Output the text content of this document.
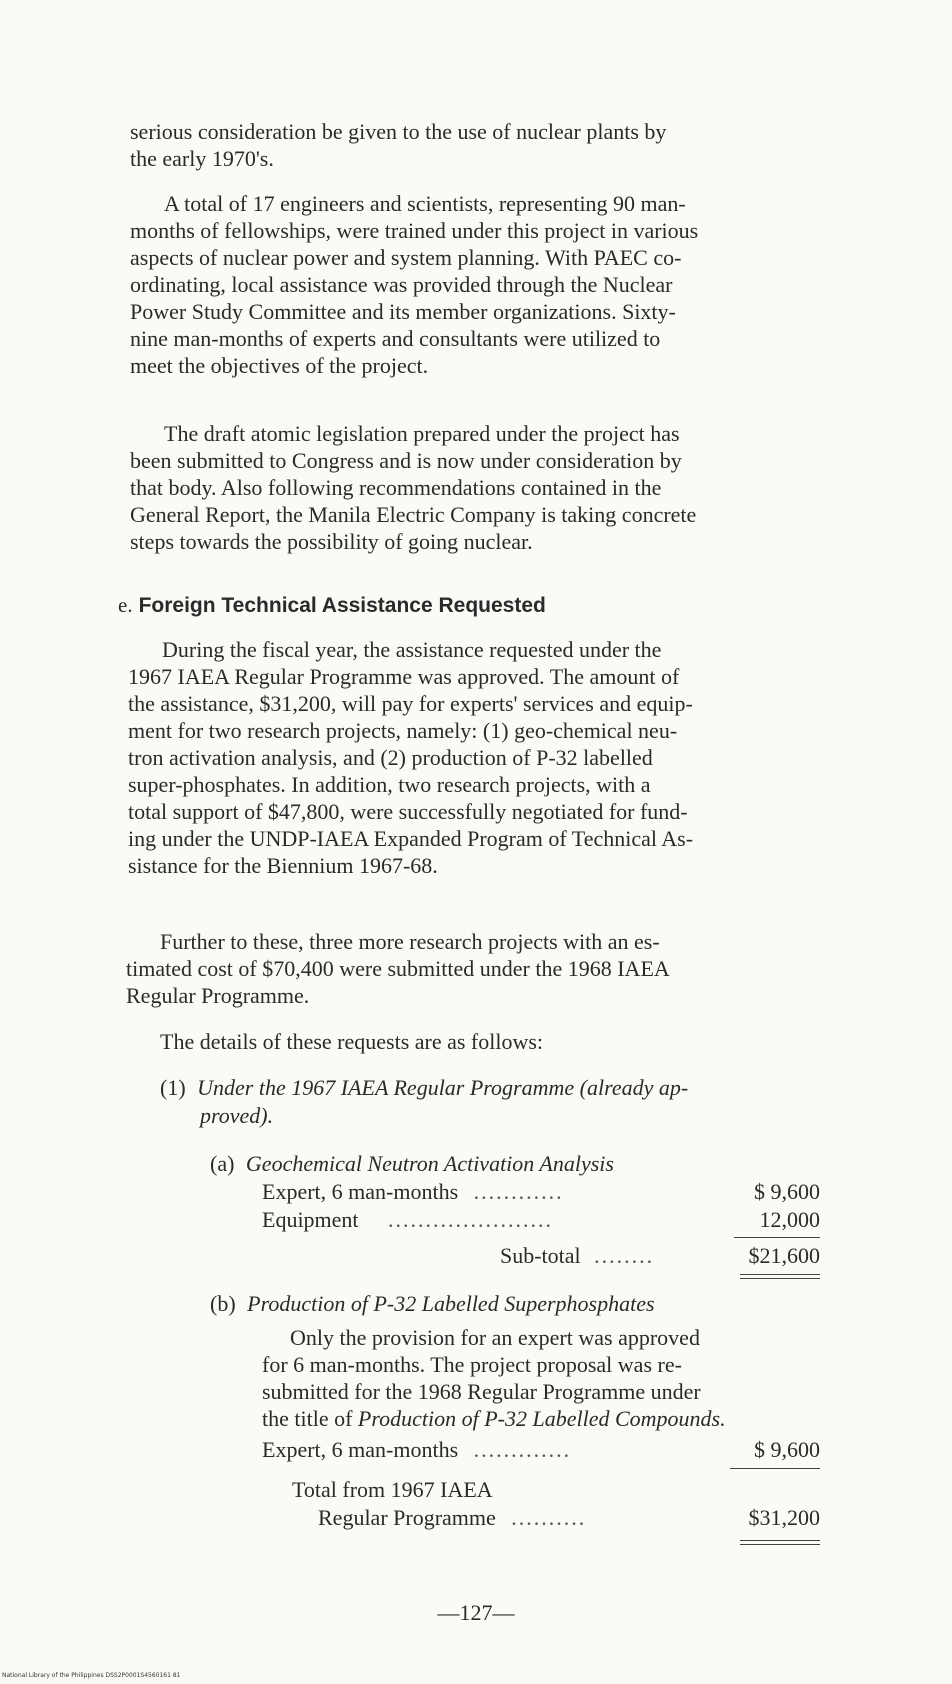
serious consideration be given to the use of nuclear plants by
the early 1970's.
A total of 17 engineers and scientists, representing 90 man-
months of fellowships, were trained under this project in various
aspects of nuclear power and system planning. With PAEC co-
ordinating, local assistance was provided through the Nuclear
Power Study Committee and its member organizations. Sixty-
nine man-months of experts and consultants were utilized to
meet the objectives of the project.
The draft atomic legislation prepared under the project has
been submitted to Congress and is now under consideration by
that body. Also following recommendations contained in the
General Report, the Manila Electric Company is taking concrete
steps towards the possibility of going nuclear.
e. Foreign Technical Assistance Requested
During the fiscal year, the assistance requested under the
1967 IAEA Regular Programme was approved. The amount of
the assistance, $31,200, will pay for experts' services and equip-
ment for two research projects, namely: (1) geo-chemical neu-
tron activation analysis, and (2) production of P-32 labelled
super-phosphates. In addition, two research projects, with a
total support of $47,800, were successfully negotiated for fund-
ing under the UNDP-IAEA Expanded Program of Technical As-
sistance for the Biennium 1967-68.
Further to these, three more research projects with an es-
timated cost of $70,400 were submitted under the 1968 IAEA
Regular Programme.
The details of these requests are as follows:
(1) Under the 1967 IAEA Regular Programme (already ap-
proved).
(a) Geochemical Neutron Activation Analysis
Expert, 6 man-months ............	$ 9,600
Equipment ......................	12,000
Sub-total ........	$21,600
(b) Production of P-32 Labelled Superphosphates
Only the provision for an expert was approved
for 6 man-months. The project proposal was re-
submitted for the 1968 Regular Programme under
the title of Production of P-32 Labelled Compounds.
Expert, 6 man-months .............	$ 9,600
Total from 1967 IAEA
Regular Programme ..........	$31,200
—127—
National Library of the Philippines DSS2P0001S4560161 81
